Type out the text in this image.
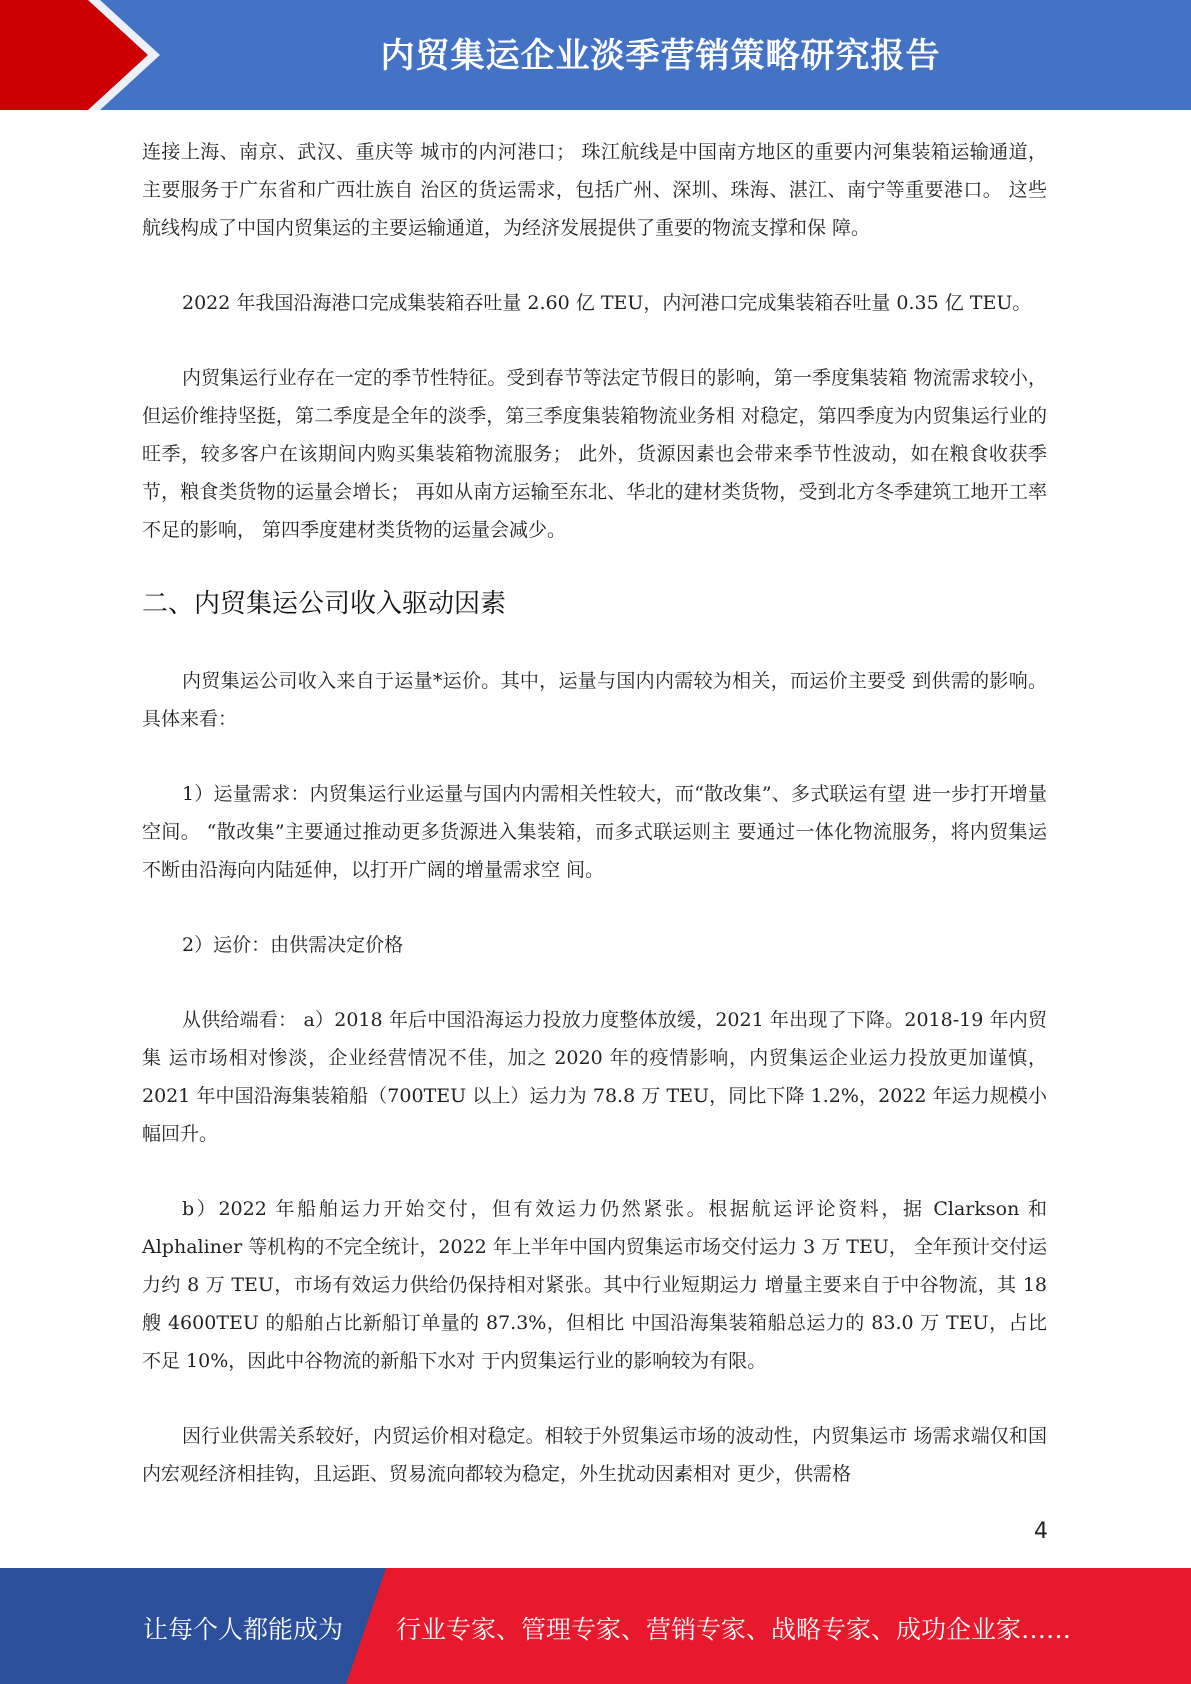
内贸集运企业淡季营销策略研究报告

连接上海、南京、武汉、重庆等 城市的内河港口； 珠江航线是中国南方地区的重要内河集装箱运输通道，主要服务于广东省和广西壮族自 治区的货运需求，包括广州、深圳、珠海、湛江、南宁等重要港口。 这些航线构成了中国内贸集运的主要运输通道，为经济发展提供了重要的物流支撑和保 障。

2022 年我国沿海港口完成集装箱吞吐量 2.60 亿 TEU，内河港口完成集装箱吞吐量 0.35 亿 TEU。

内贸集运行业存在一定的季节性特征。受到春节等法定节假日的影响，第一季度集装箱 物流需求较小，但运价维持坚挺，第二季度是全年的淡季，第三季度集装箱物流业务相 对稳定，第四季度为内贸集运行业的旺季，较多客户在该期间内购买集装箱物流服务； 此外，货源因素也会带来季节性波动，如在粮食收获季节，粮食类货物的运量会增长； 再如从南方运输至东北、华北的建材类货物，受到北方冬季建筑工地开工率不足的影响， 第四季度建材类货物的运量会减少。

二、内贸集运公司收入驱动因素

内贸集运公司收入来自于运量*运价。其中，运量与国内内需较为相关，而运价主要受 到供需的影响。具体来看：

1）运量需求：内贸集运行业运量与国内内需相关性较大，而“散改集”、多式联运有望 进一步打开增量空间。 “散改集”主要通过推动更多货源进入集装箱，而多式联运则主 要通过一体化物流服务，将内贸集运不断由沿海向内陆延伸，以打开广阔的增量需求空 间。

2）运价：由供需决定价格

从供给端看： a）2018 年后中国沿海运力投放力度整体放缓，2021 年出现了下降。2018-19 年内贸集 运市场相对惨淡，企业经营情况不佳，加之 2020 年的疫情影响，内贸集运企业运力投放更加谨慎， 2021 年中国沿海集装箱船（700TEU 以上）运力为 78.8 万 TEU，同比下降 1.2%，2022 年运力规模小幅回升。

b）2022 年船舶运力开始交付，但有效运力仍然紧张。根据航运评论资料，据 Clarkson 和 Alphaliner 等机构的不完全统计，2022 年上半年中国内贸集运市场交付运力 3 万 TEU， 全年预计交付运力约 8 万 TEU，市场有效运力供给仍保持相对紧张。其中行业短期运力 增量主要来自于中谷物流，其 18 艘 4600TEU 的船舶占比新船订单量的 87.3%，但相比 中国沿海集装箱船总运力的 83.0 万 TEU，占比不足 10%，因此中谷物流的新船下水对 于内贸集运行业的影响较为有限。

因行业供需关系较好，内贸运价相对稳定。相较于外贸集运市场的波动性，内贸集运市 场需求端仅和国内宏观经济相挂钩，且运距、贸易流向都较为稳定，外生扰动因素相对 更少，供需格

4
让每个人都能成为 行业专家、管理专家、营销专家、战略专家、成功企业家……
